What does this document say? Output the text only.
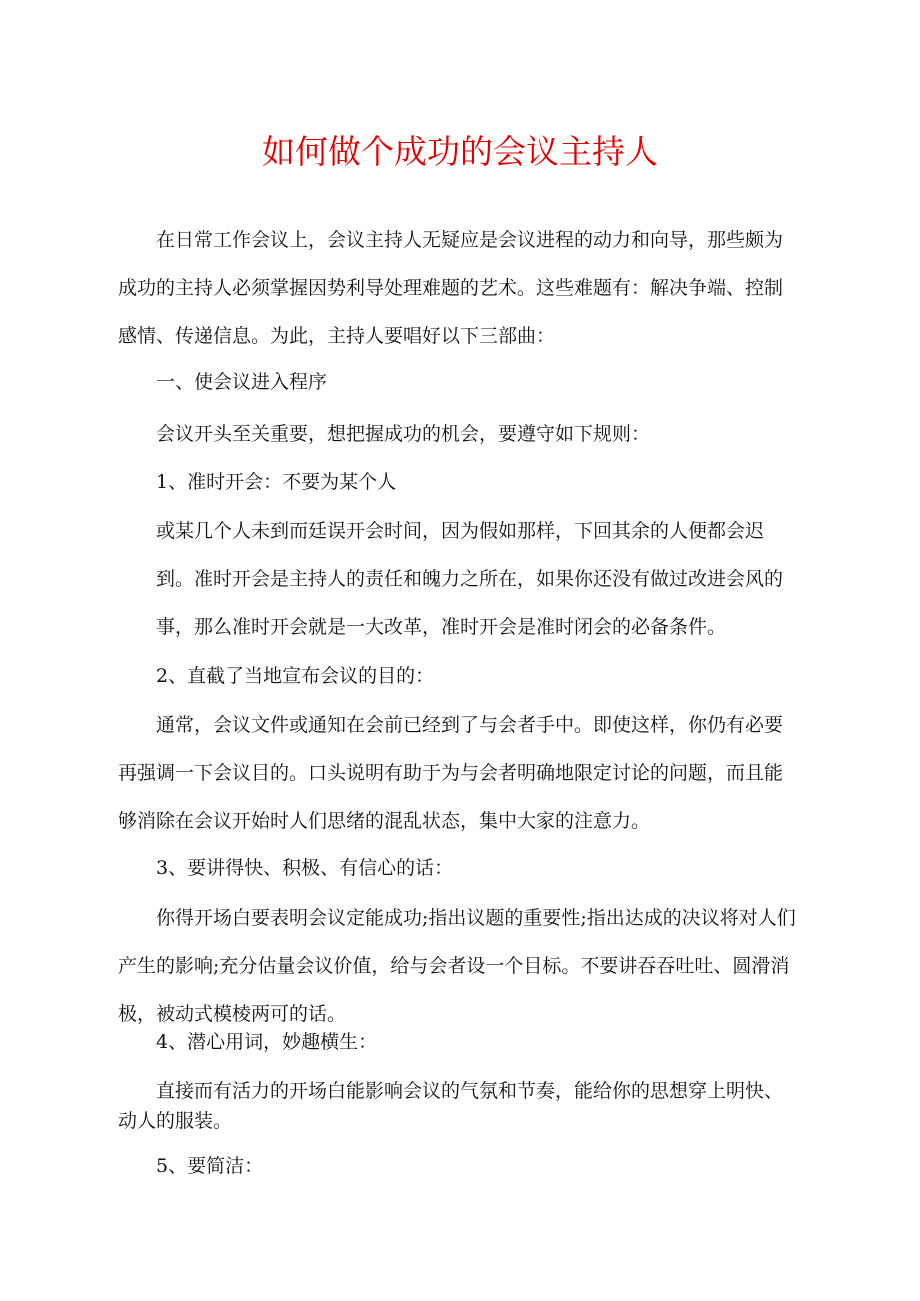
如何做个成功的会议主持人
在日常工作会议上，会议主持人无疑应是会议进程的动力和向导，那些颇为成功的主持人必须掌握因势利导处理难题的艺术。这些难题有：解决争端、控制感情、传递信息。为此，主持人要唱好以下三部曲：
一、使会议进入程序
会议开头至关重要，想把握成功的机会，要遵守如下规则：
1、准时开会：不要为某个人
或某几个人未到而廷误开会时间，因为假如那样，下回其余的人便都会迟到。准时开会是主持人的责任和魄力之所在，如果你还没有做过改进会风的事，那么准时开会就是一大改革，准时开会是准时闭会的必备条件。
2、直截了当地宣布会议的目的：
通常，会议文件或通知在会前已经到了与会者手中。即使这样，你仍有必要再强调一下会议目的。口头说明有助于为与会者明确地限定讨论的问题，而且能够消除在会议开始时人们思绪的混乱状态，集中大家的注意力。
3、要讲得快、积极、有信心的话：
你得开场白要表明会议定能成功;指出议题的重要性;指出达成的决议将对人们产生的影响;充分估量会议价值，给与会者设一个目标。不要讲吞吞吐吐、圆滑消极，被动式模棱两可的话。
4、潜心用词，妙趣横生：
直接而有活力的开场白能影响会议的气氛和节奏，能给你的思想穿上明快、动人的服装。
5、要简洁：
